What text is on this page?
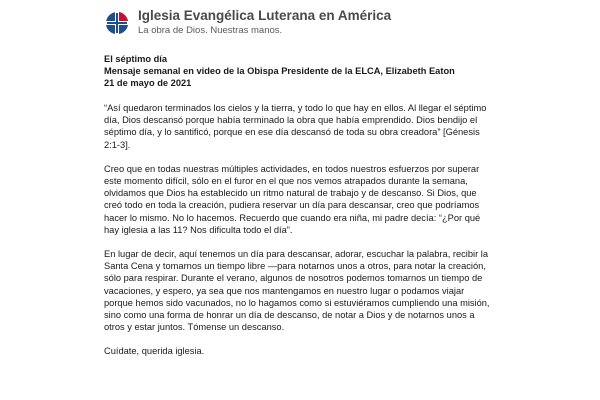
Iglesia Evangélica Luterana en América
La obra de Dios. Nuestras manos.
El séptimo día
Mensaje semanal en video de la Obispa Presidente de la ELCA, Elizabeth Eaton
21 de mayo de 2021

“Así quedaron terminados los cielos y la tierra, y todo lo que hay en ellos. Al llegar el séptimo día, Dios descansó porque había terminado la obra que había emprendido. Dios bendijo el séptimo día, y lo santificó, porque en ese día descansó de toda su obra creadora” [Génesis 2:1-3].

Creo que en todas nuestras múltiples actividades, en todos nuestros esfuerzos por superar este momento difícil, sólo en el furor en el que nos vemos atrapados durante la semana, olvidamos que Dios ha establecido un ritmo natural de trabajo y de descanso. Si Dios, que creó todo en toda la creación, pudiera reservar un día para descansar, creo que podríamos hacer lo mismo. No lo hacemos. Recuerdo que cuando era niña, mi padre decía: “¿Por qué hay iglesia a las 11? Nos dificulta todo el día”.

En lugar de decir, aquí tenemos un día para descansar, adorar, escuchar la palabra, recibir la Santa Cena y tomarnos un tiempo libre —para notarnos unos a otros, para notar la creación, sólo para respirar. Durante el verano, algunos de nosotros podemos tomarnos un tiempo de vacaciones, y espero, ya sea que nos mantengamos en nuestro lugar o podamos viajar porque hemos sido vacunados, no lo hagamos como si estuviéramos cumpliendo una misión, sino como una forma de honrar un día de descanso, de notar a Dios y de notarnos unos a otros y estar juntos. Tómense un descanso.

Cuídate, querida iglesia.
